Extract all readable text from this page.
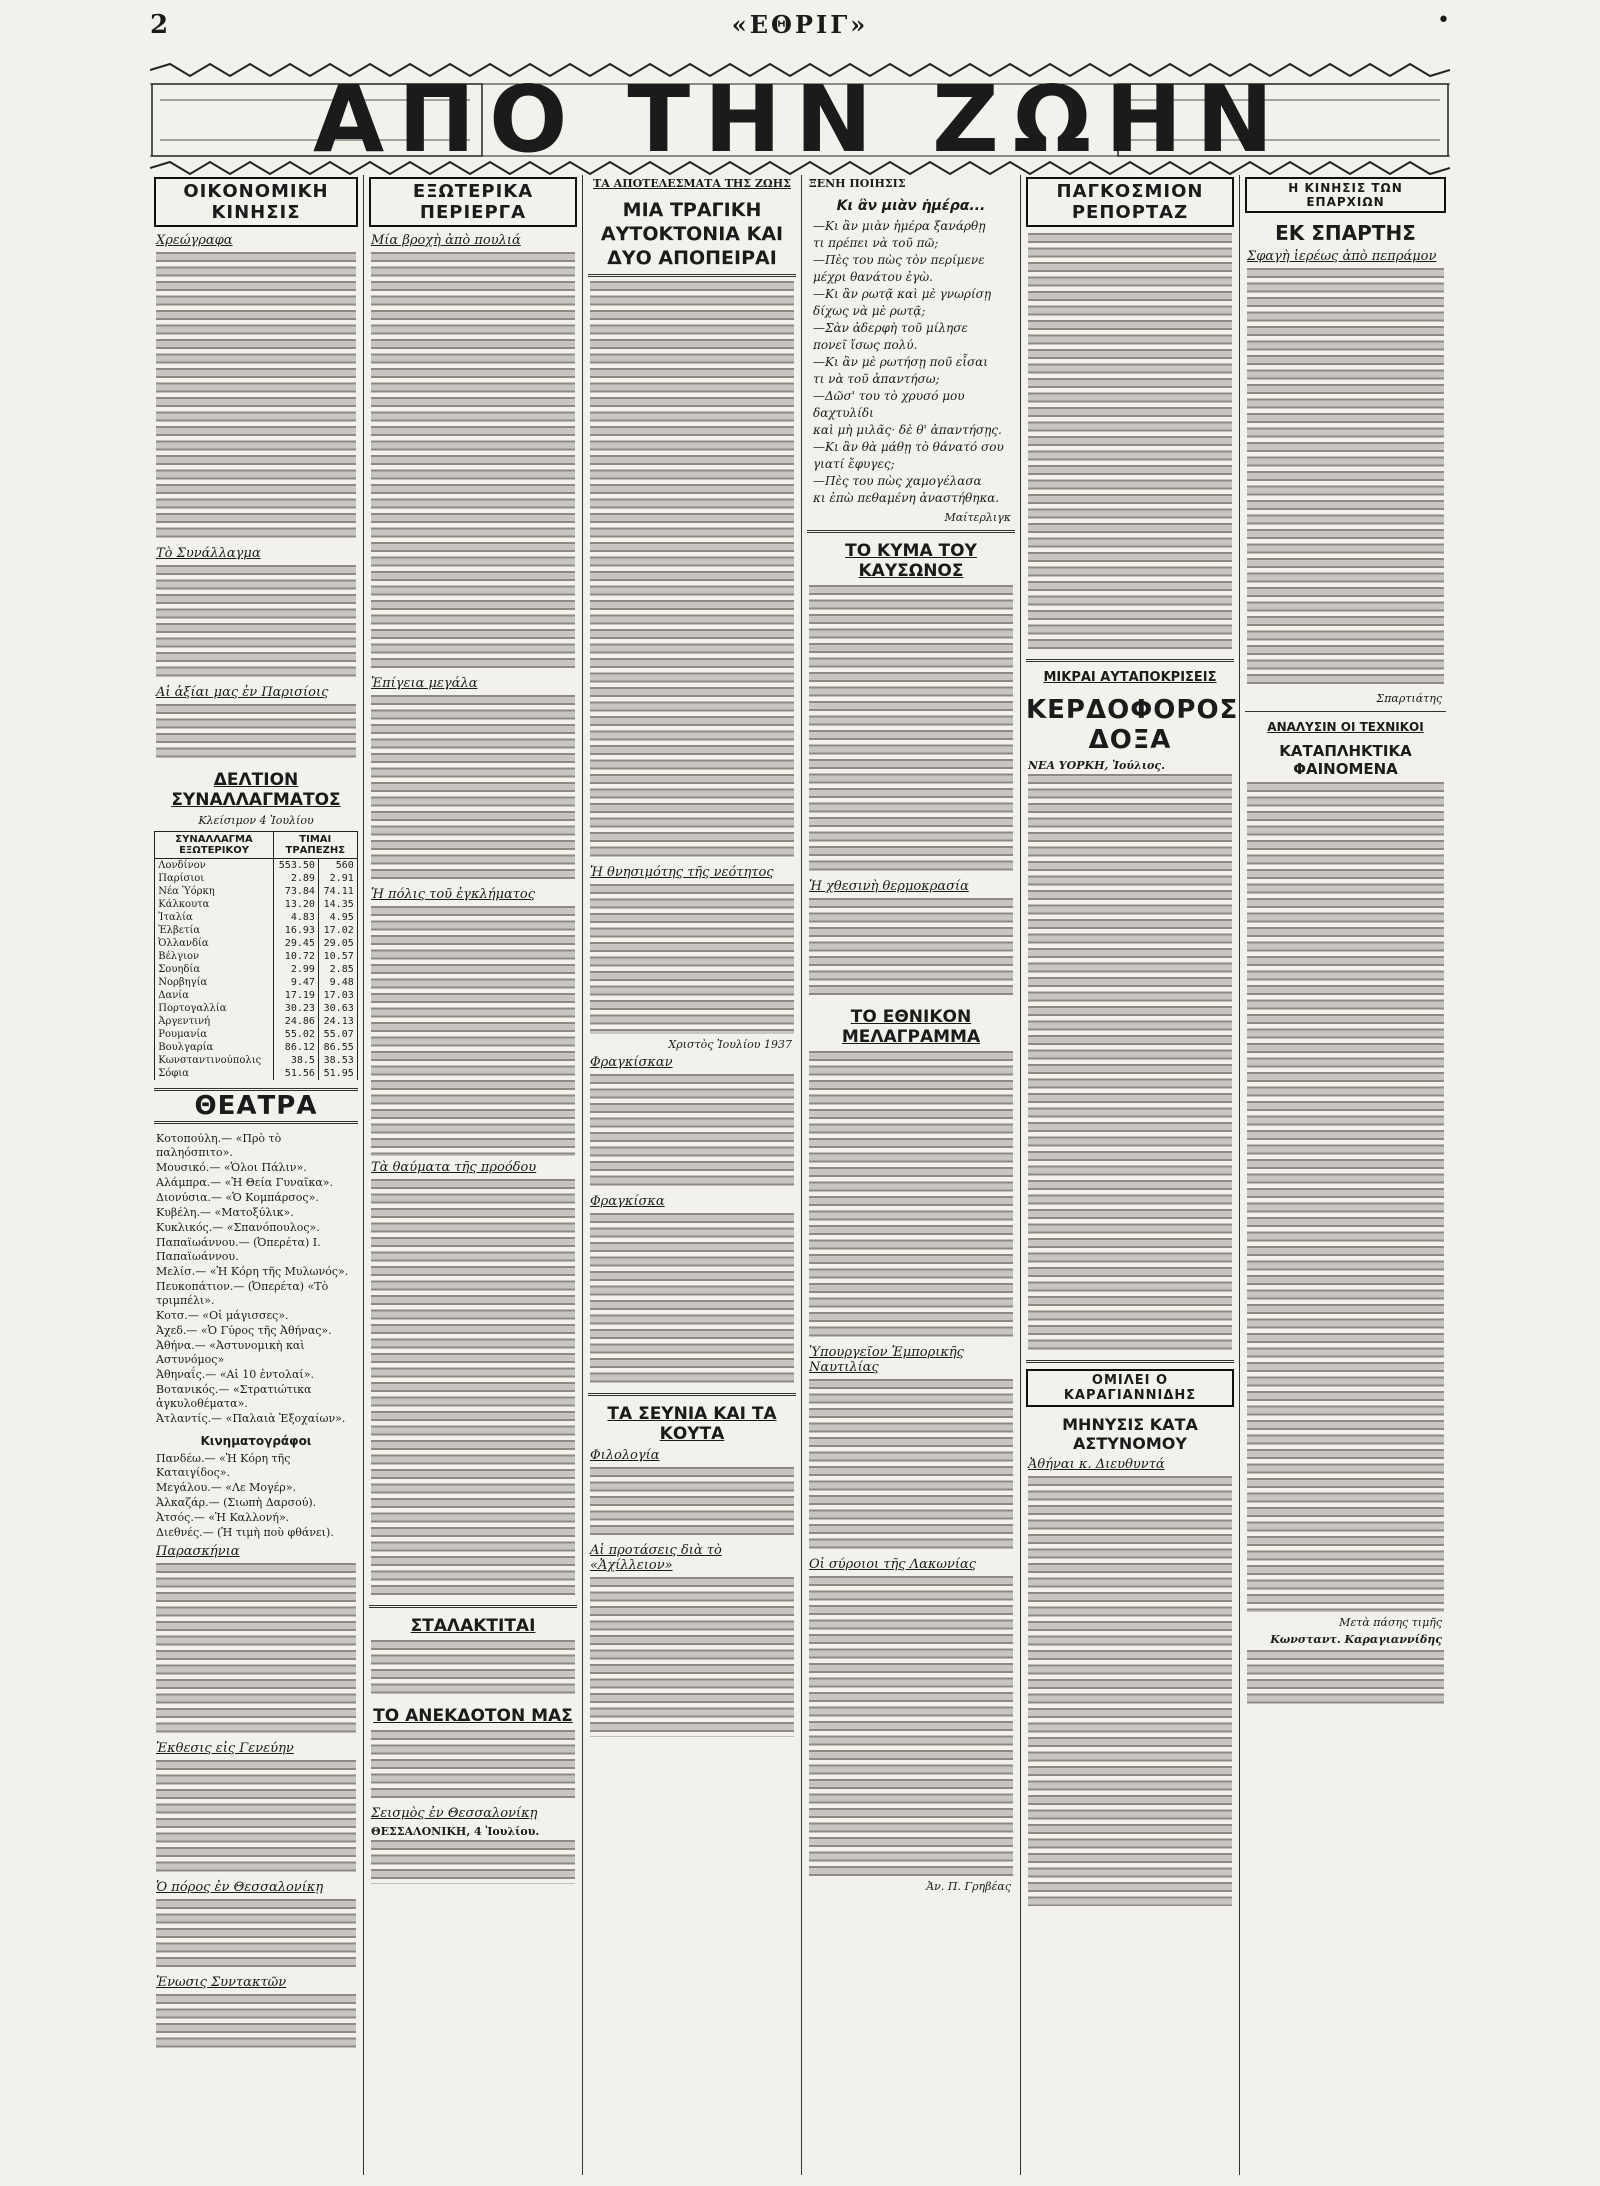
2	«ΕΘΡΙΓ»	•
ΑΠΟ ΤΗΝ ΖΩΗΝ
ΟΙΚΟΝΟΜΙΚΗ ΚΙΝΗΣΙΣ
Χρεώγραφα
Τὸ Συνάλλαγμα
Αἱ ἀξίαι μας ἐν Παρισίοις
ΔΕΛΤΙΟΝ ΣΥΝΑΛΛΑΓΜΑΤΟΣ
Κλείσιμον 4 Ἰουλίου
ΣΥΝΑΛΛΑΓΜΑ ΕΞΩΤΕΡΙΚΟΥ	ΤΙΜΑΙ ΤΡΑΠΕΖΗΣ	
Λονδίνον	553.50	560
Παρίσιοι	2.89	2.91
Νέα Ὑόρκη	73.84	74.11
Κάλκουτα	13.20	14.35
Ἰταλία	4.83	4.95
Ἑλβετία	16.93	17.02
Ὀλλανδία	29.45	29.05
Βέλγιον	10.72	10.57
Σουηδία	2.99	2.85
Νορβηγία	9.47	9.48
Δανία	17.19	17.03
Πορτογαλλία	30.23	30.63
Ἀργεντινή	24.86	24.13
Ρουμανία	55.02	55.07
Βουλγαρία	86.12	86.55
Κωνσταντινούπολις	38.5	38.53
Σόφια	51.56	51.95
ΘΕΑΤΡΑ
Κοτοπούλη.— «Πρὸ τὸ παληόσπιτο».
Μουσικό.— «Ὁλοι Πάλιν».
Αλάμπρα.— «Ἡ Θεία Γυναῖκα».
Διονύσια.— «Ὁ Κομπάρσος».
Κυβέλη.— «Ματοξύλικ».
Κυκλικός.— «Σπανόπουλος».
Παπαϊωάννου.— (Ὀπερέτα) Ι. Παπαϊωάννου.
Μελίσ.— «Ἡ Κόρη τῆς Μυλωνός».
Πευκοπάτιον.— (Ὀπερέτα) «Τὸ τριμπέλι».
Κοτσ.— «Οἱ μάγισσες».
Ἀχεδ.— «Ὁ Γύρος τῆς Ἀθήνας».
Ἀθήνα.— «Ἀστυνομικὴ καὶ Αστυνόμος»
Ἀθηναΐς.— «Αἱ 10 ἐντολαί».
Βοτανικός.— «Στρατιώτικα ἀγκυλοθέματα».
Ἀτλαντίς.— «Παλαιὰ Ἐξοχαίων».
Κινηματογράφοι
Πανδέω.— «Ἡ Κόρη τῆς Καταιγίδος».
Μεγάλου.— «Λε Μογέρ».
Ἀλκαζάρ.— (Σιωπὴ Δαρσού).
Ἀτσός.— «Ἡ Καλλονή».
Διεθνές.— (Ἡ τιμὴ ποὺ φθάνει).
Παρασκήνια
Ἐκθεσις εἰς Γενεύην
Ὁ πόρος ἐν Θεσσαλονίκῃ
Ἐνωσις Συντακτῶν
ΕΞΩΤΕΡΙΚΑ ΠΕΡΙΕΡΓΑ
Μία βροχὴ ἀπὸ πουλιά
Ἐπίγεια μεγάλα
Ἡ πόλις τοῦ ἐγκλήματος
Τὰ θαύματα τῆς προόδου
ΣΤΑΛΑΚΤΙΤΑΙ
ΤΟ ΑΝΕΚΔΟΤΟΝ ΜΑΣ
Σεισμὸς ἐν Θεσσαλονίκῃ
ΘΕΣΣΑΛΟΝΙΚΗ, 4 Ἰουλίου.
ΤΑ ΑΠΟΤΕΛΕΣΜΑΤΑ ΤΗΣ ΖΩΗΣ
ΜΙΑ ΤΡΑΓΙΚΗ ΑΥΤΟΚΤΟΝΙΑ ΚΑΙ ΔΥΟ ΑΠΟΠΕΙΡΑΙ
Ἡ θνησιμότης τῆς νεότητος
Χριστὸς Ἰουλίου 1937
Φραγκίσκαν
Φραγκίσκα
ΤΑ ΣΕΥΝΙΑ ΚΑΙ ΤΑ ΚΟΥΤΑ
Φιλολογία
Αἱ προτάσεις διὰ τὸ «Ἀχίλλειον»
ΞΕΝΗ ΠΟΙΗΣΙΣ
Κι ἂν μιὰν ἡμέρα...
—Κι ἂν μιὰν ἡμέρα ξανάρθῃ
τι πρέπει νὰ τοῦ πῶ;
—Πὲς του πὼς τὸν περίμενε
μέχρι θανάτου ἐγὼ.
—Κι ἂν ρωτᾷ καὶ μὲ γνωρίσῃ
δίχως νὰ μὲ ρωτᾷ;
—Σὰν ἀδερφὴ τοῦ μίλησε
πονεῖ ἴσως πολύ.
—Κι ἂν μὲ ρωτήσῃ ποῦ εἶσαι
τι νὰ τοῦ ἀπαντήσω;
—Δῶσ' του τὸ χρυσό μου δαχτυλίδι
καὶ μὴ μιλᾶς· δὲ θ' ἀπαντήσῃς.
—Κι ἂν θὰ μάθῃ τὸ θάνατό σου
γιατί ἔφυγες;
—Πὲς του πὼς χαμογέλασα
κι ἐπὼ πεθαμένη ἀναστήθηκα.
Μαίτερλιγκ
ΤΟ ΚΥΜΑ ΤΟΥ ΚΑΥΣΩΝΟΣ
Ἡ χθεσινὴ θερμοκρασία
ΤΟ ΕΘΝΙΚΟΝ ΜΕΛΑΓΡΑΜΜΑ
Ὑπουργεῖον Ἐμπορικῆς Ναυτιλίας
Οἱ σύροιοι τῆς Λακωνίας
Ἀν. Π. Γρηβέας
ΠΑΓΚΟΣΜΙΟΝ ΡΕΠΟΡΤΑΖ
ΜΙΚΡΑΙ ΑΥΤΑΠΟΚΡΙΣΕΙΣ
ΚΕΡΔΟΦΟΡΟΣ ΔΟΞΑ
ΝΕΑ ΥΟΡΚΗ, Ἰούλιος.
ΟΜΙΛΕΙ Ο ΚΑΡΑΓΙΑΝΝΙΔΗΣ
ΜΗΝΥΣΙΣ ΚΑΤΑ ΑΣΤΥΝΟΜΟΥ
Ἀθήναι κ. Διευθυντά
Η ΚΙΝΗΣΙΣ ΤΩΝ ΕΠΑΡΧΙΩΝ
ΕΚ ΣΠΑΡΤΗΣ
Σφαγὴ ἱερέως ἀπὸ πεπράμον
Σπαρτιάτης
ΑΝΑΛΥΣΙΝ ΟΙ ΤΕΧΝΙΚΟΙ
ΚΑΤΑΠΛΗΚΤΙΚΑ ΦΑΙΝΟΜΕΝΑ
Μετὰ πάσης τιμῆς
Κωνσταντ. Καραγιαννίδης
